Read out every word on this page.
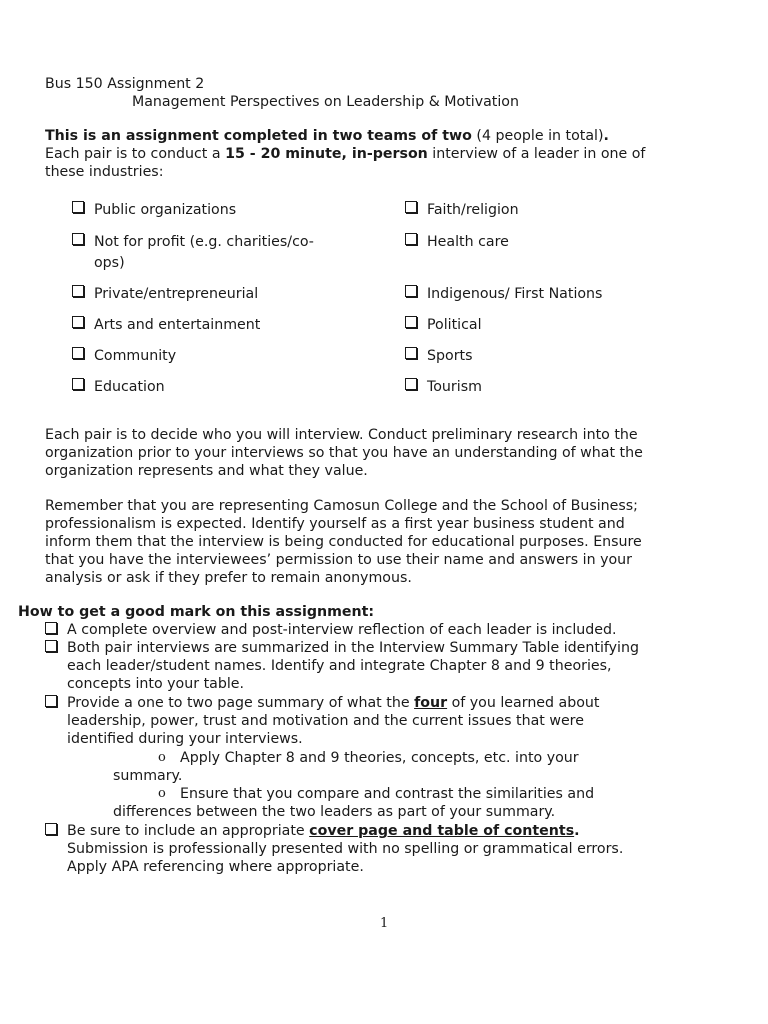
Bus 150 Assignment 2
Management Perspectives on Leadership & Motivation
This is an assignment completed in two teams of two (4 people in total).
Each pair is to conduct a 15 - 20 minute, in-person interview of a leader in one of
these industries:
Public organizations
Not for profit (e.g. charities/co-
ops)
Private/entrepreneurial
Arts and entertainment
Community
Education
Faith/religion
Health care
Indigenous/ First Nations
Political
Sports
Tourism
Each pair is to decide who you will interview. Conduct preliminary research into the
organization prior to your interviews so that you have an understanding of what the
organization represents and what they value.
Remember that you are representing Camosun College and the School of Business;
professionalism is expected. Identify yourself as a first year business student and
inform them that the interview is being conducted for educational purposes. Ensure
that you have the interviewees’ permission to use their name and answers in your
analysis or ask if they prefer to remain anonymous.
How to get a good mark on this assignment:
A complete overview and post-interview reflection of each leader is included.
Both pair interviews are summarized in the Interview Summary Table identifying
each leader/student names. Identify and integrate Chapter 8 and 9 theories,
concepts into your table.
Provide a one to two page summary of what the four of you learned about
leadership, power, trust and motivation and the current issues that were
identified during your interviews.
o Apply Chapter 8 and 9 theories, concepts, etc. into your
summary.
o Ensure that you compare and contrast the similarities and
differences between the two leaders as part of your summary.
Be sure to include an appropriate cover page and table of contents.
Submission is professionally presented with no spelling or grammatical errors.
Apply APA referencing where appropriate.
1
